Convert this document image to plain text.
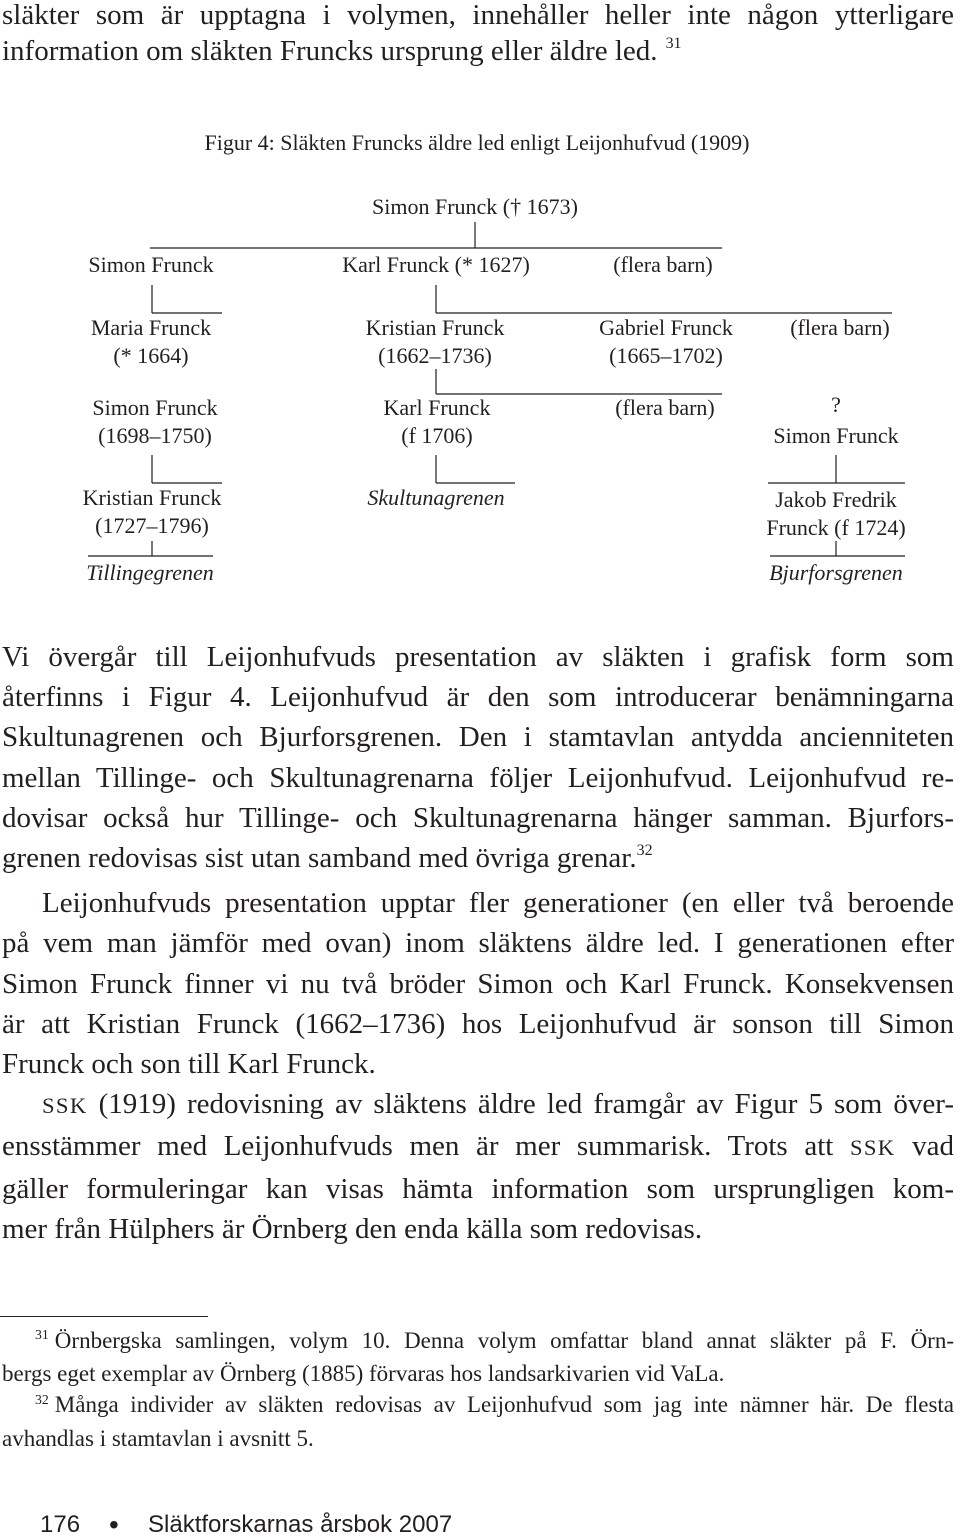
släkter som är upptagna i volymen, innehåller heller inte någon ytterligare
information om släkten Fruncks ursprung eller äldre led. $^{31}$
Figur 4: Släkten Fruncks äldre led enligt Leijonhufvud (1909)
Simon Frunck († 1673)
Simon Frunck	Karl Frunck (* 1627)	(flera barn)
Maria Frunck
(* 1664)
Kristian Frunck
(1662–1736)
Gabriel Frunck
(1665–1702)
(flera barn)
Simon Frunck
(1698–1750)
Karl Frunck
(f 1706)
(flera barn)	?
Simon Frunck
Kristian Frunck
(1727–1796)
Skultunagrenen	Jakob Fredrik
Frunck (f 1724)
Tillingegrenen	Bjurforsgrenen
Vi övergår till Leijonhufvuds presentation av släkten i grafisk form som
återfinns i Figur 4. Leijonhufvud är den som introducerar benämningarna
Skultunagrenen och Bjurforsgrenen. Den i stamtavlan antydda ancienniteten
mellan Tillinge- och Skultunagrenarna följer Leijonhufvud. Leijonhufvud re-
dovisar också hur Tillinge- och Skultunagrenarna hänger samman. Bjurfors-
grenen redovisas sist utan samband med övriga grenar.$^{32}$
Leijonhufvuds presentation upptar fler generationer (en eller två beroende
på vem man jämför med ovan) inom släktens äldre led. I generationen efter
Simon Frunck finner vi nu två bröder Simon och Karl Frunck. Konsekvensen
är att Kristian Frunck (1662–1736) hos Leijonhufvud är sonson till Simon
Frunck och son till Karl Frunck.
SSK (1919) redovisning av släktens äldre led framgår av Figur 5 som över-
ensstämmer med Leijonhufvuds men är mer summarisk. Trots att SSK vad
gäller formuleringar kan visas hämta information som ursprungligen kom-
mer från Hülphers är Örnberg den enda källa som redovisas.
$^{31}$ Örnbergska samlingen, volym 10. Denna volym omfattar bland annat släkter på F. Örn-
bergs eget exemplar av Örnberg (1885) förvaras hos landsarkivarien vid VaLa.
$^{32}$ Många individer av släkten redovisas av Leijonhufvud som jag inte nämner här. De flesta
avhandlas i stamtavlan i avsnitt 5.
176 • Släktforskarnas årsbok 2007
